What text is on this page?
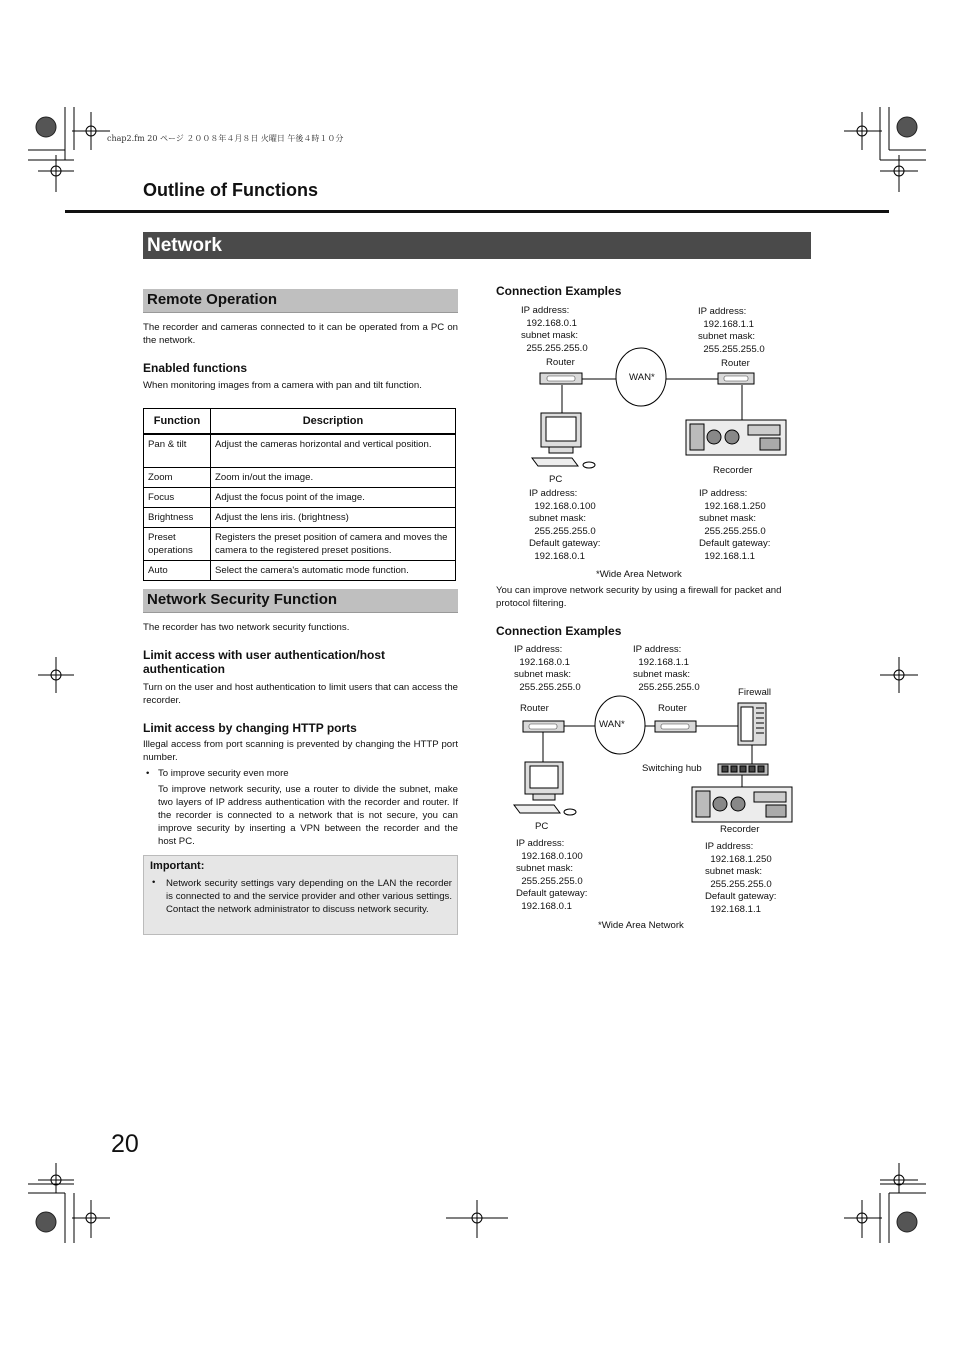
chap2.fm 20 ページ ２００８年４月８日 火曜日 午後４時１０分
Outline of Functions
Network
Remote Operation
The recorder and cameras connected to it can be operated from a PC on the network.
Enabled functions
When monitoring images from a camera with pan and tilt function.
Function	Description
Pan & tilt	Adjust the cameras horizontal and vertical position.
Zoom	Zoom in/out the image.
Focus	Adjust the focus point of the image.
Brightness	Adjust the lens iris. (brightness)
Preset operations	Registers the preset position of camera and moves the camera to the registered preset positions.
Auto	Select the camera's automatic mode function.
Network Security Function
The recorder has two network security functions.
Limit access with user authentication/host authentication
Turn on the user and host authentication to limit users that can access the recorder.
Limit access by changing HTTP ports
Illegal access from port scanning is prevented by changing the HTTP port number.
• To improve security even more
To improve network security, use a router to divide the subnet, make two layers of IP address authentication with the recorder and router. If the recorder is connected to a network that is not secure, you can improve security by inserting a VPN between the recorder and the host PC.
Important:
• Network security settings vary depending on the LAN the recorder is connected to and the service provider and other various settings. Contact the network administrator to discuss network security.
Connection Examples
IP address:
192.168.0.1
subnet mask:
255.255.255.0
IP address:
192.168.1.1
subnet mask:
255.255.255.0
Router	Router
WAN*
PC
Recorder
IP address:
192.168.0.100
subnet mask:
255.255.255.0
Default gateway:
192.168.0.1
IP address:
192.168.1.250
subnet mask:
255.255.255.0
Default gateway:
192.168.1.1
*Wide Area Network
You can improve network security by using a firewall for packet and protocol filtering.
Connection Examples
IP address:
192.168.0.1
subnet mask:
255.255.255.0
IP address:
192.168.1.1
subnet mask:
255.255.255.0	Firewall
Router	Router
WAN*
Switching hub
PC	Recorder
IP address:
192.168.0.100
subnet mask:
255.255.255.0
Default gateway:
192.168.0.1
IP address:
192.168.1.250
subnet mask:
255.255.255.0
Default gateway:
192.168.1.1
*Wide Area Network
20
